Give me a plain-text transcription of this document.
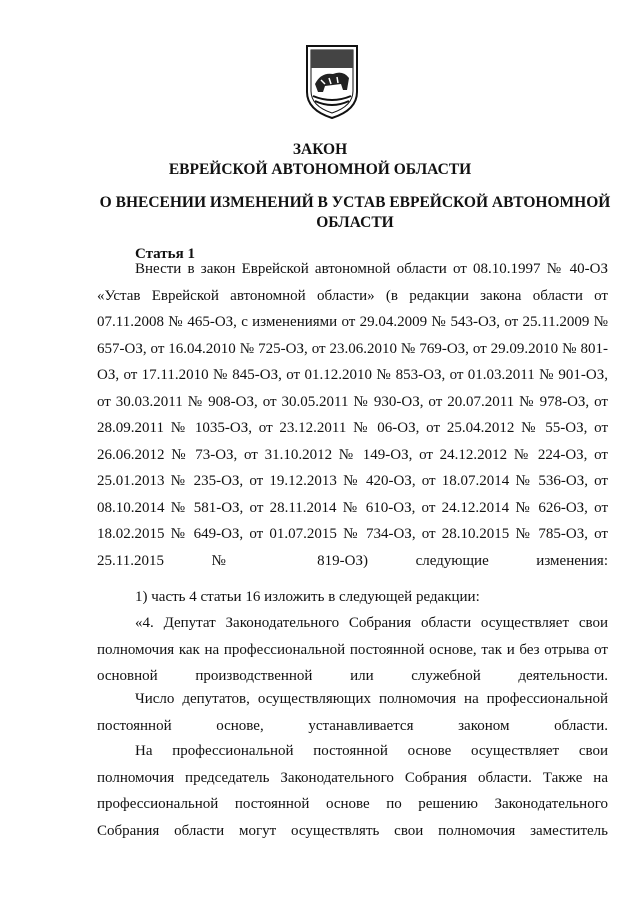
ЗАКОН
ЕВРЕЙСКОЙ АВТОНОМНОЙ ОБЛАСТИ
О ВНЕСЕНИИ ИЗМЕНЕНИЙ В УСТАВ ЕВРЕЙСКОЙ АВТОНОМНОЙ ОБЛАСТИ
Статья 1
Внести в закон Еврейской автономной области от 08.10.1997 № 40-ОЗ «Устав Еврейской автономной области» (в редакции закона области от 07.11.2008 № 465-ОЗ, с изменениями от 29.04.2009 № 543-ОЗ, от 25.11.2009 № 657-ОЗ, от 16.04.2010 № 725-ОЗ, от 23.06.2010 № 769-ОЗ, от 29.09.2010 № 801-ОЗ, от 17.11.2010 № 845-ОЗ, от 01.12.2010 № 853-ОЗ, от 01.03.2011 № 901-ОЗ, от 30.03.2011 № 908-ОЗ, от 30.05.2011 № 930-ОЗ, от 20.07.2011 № 978-ОЗ, от 28.09.2011 № 1035-ОЗ, от 23.12.2011 № 06-ОЗ, от 25.04.2012 № 55-ОЗ, от 26.06.2012 № 73-ОЗ, от 31.10.2012 № 149-ОЗ, от 24.12.2012 № 224-ОЗ, от 25.01.2013 № 235-ОЗ, от 19.12.2013 № 420-ОЗ, от 18.07.2014 № 536-ОЗ, от 08.10.2014 № 581-ОЗ, от 28.11.2014 № 610-ОЗ, от 24.12.2014 № 626-ОЗ, от 18.02.2015 № 649-ОЗ, от 01.07.2015 № 734-ОЗ, от 28.10.2015 № 785-ОЗ, от 25.11.2015 № 819-ОЗ) следующие изменения:
1) часть 4 статьи 16 изложить в следующей редакции:
«4. Депутат Законодательного Собрания области осуществляет свои полномочия как на профессиональной постоянной основе, так и без отрыва от основной производственной или служебной деятельности.
Число депутатов, осуществляющих полномочия на профессиональной постоянной основе, устанавливается законом области.
На профессиональной постоянной основе осуществляет свои полномочия председатель Законодательного Собрания области. Также на профессиональной постоянной основе по решению Законодательного Собрания области могут осуществлять свои полномочия заместитель
